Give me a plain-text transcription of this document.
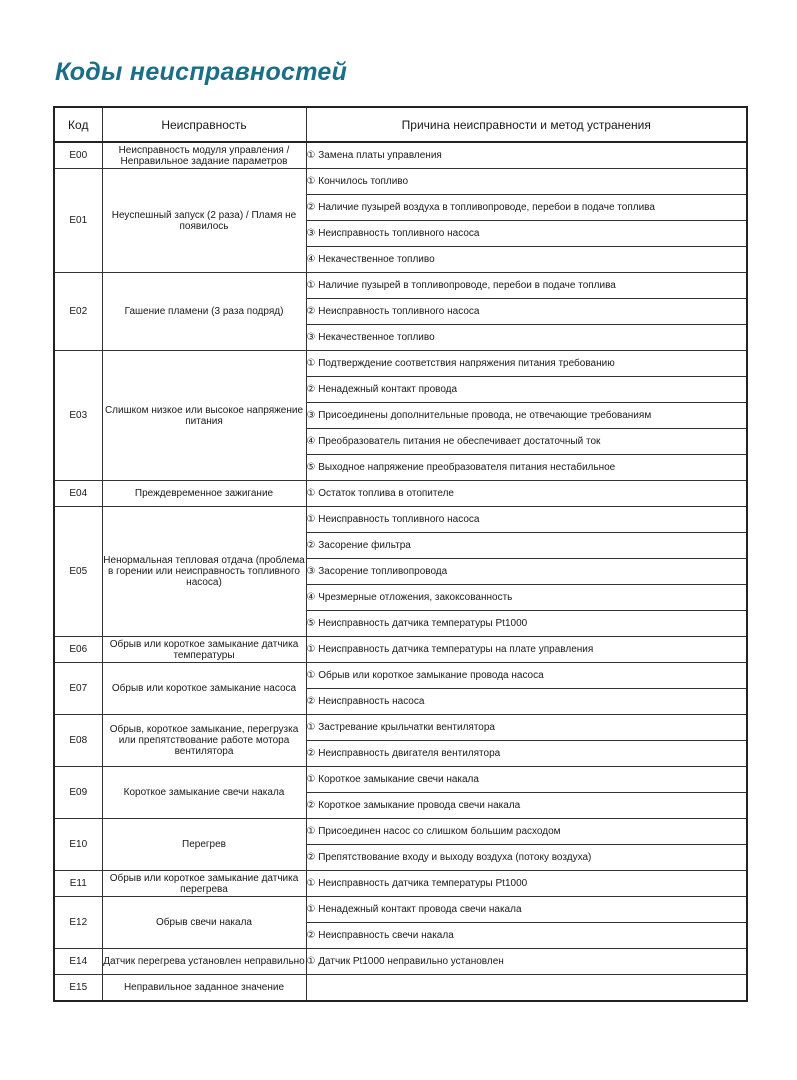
Коды неисправностей
Код	Неисправность	Причина неисправности и метод устранения
E00	Неисправность модуля управления / Неправильное задание параметров	① Замена платы управления
E01	Неуспешный запуск (2 раза) / Пламя не появилось	① Кончилось топливо
		② Наличие пузырей воздуха в топливопроводе, перебои в подаче топлива
		③ Неисправность топливного насоса
		④ Некачественное топливо
E02	Гашение пламени (3 раза подряд)	① Наличие пузырей в топливопроводе, перебои в подаче топлива
		② Неисправность топливного насоса
		③ Некачественное топливо
E03	Слишком низкое или высокое напряжение питания	① Подтверждение соответствия напряжения питания требованию
		② Ненадежный контакт провода
		③ Присоединены дополнительные провода, не отвечающие требованиям
		④ Преобразователь питания не обеспечивает достаточный ток
		⑤ Выходное напряжение преобразователя питания нестабильное
E04	Преждевременное зажигание	① Остаток топлива в отопителе
E05	Ненормальная тепловая отдача (проблема в горении или неисправность топливного насоса)	① Неисправность топливного насоса
		② Засорение фильтра
		③ Засорение топливопровода
		④ Чрезмерные отложения, закоксованность
		⑤ Неисправность датчика температуры Pt1000
E06	Обрыв или короткое замыкание датчика температуры	① Неисправность датчика температуры на плате управления
E07	Обрыв или короткое замыкание насоса	① Обрыв или короткое замыкание провода насоса
		② Неисправность насоса
E08	Обрыв, короткое замыкание, перегрузка или препятствование работе мотора вентилятора	① Застревание крыльчатки вентилятора
		② Неисправность двигателя вентилятора
E09	Короткое замыкание свечи накала	① Короткое замыкание свечи накала
		② Короткое замыкание провода свечи накала
E10	Перегрев	① Присоединен насос со слишком большим расходом
		② Препятствование входу и выходу воздуха (потоку воздуха)
E11	Обрыв или короткое замыкание датчика перегрева	① Неисправность датчика температуры Pt1000
E12	Обрыв свечи накала	① Ненадежный контакт провода свечи накала
		② Неисправность свечи накала
E14	Датчик перегрева установлен неправильно	① Датчик Pt1000 неправильно установлен
E15	Неправильное заданное значение	
